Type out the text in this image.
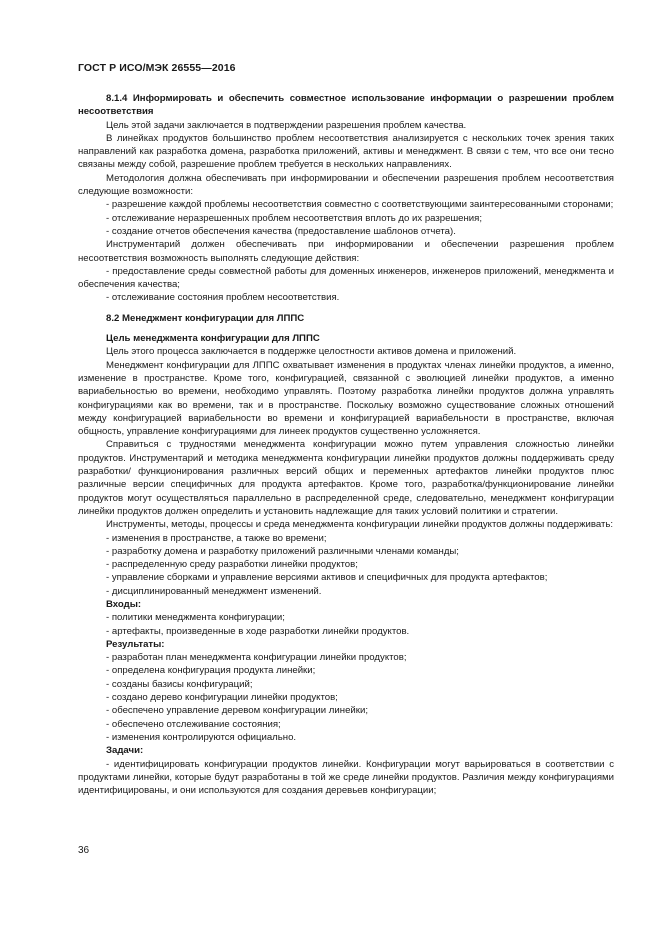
ГОСТ Р ИСО/МЭК 26555—2016

8.1.4 Информировать и обеспечить совместное использование информации о разрешении проблем несоответствия

Цель этой задачи заключается в подтверждении разрешения проблем качества.

В линейках продуктов большинство проблем несоответствия анализируется с нескольких точек зрения таких направлений как разработка домена, разработка приложений, активы и менеджмент. В связи с тем, что все они тесно связаны между собой, разрешение проблем требуется в нескольких направлениях.

Методология должна обеспечивать при информировании и обеспечении разрешения проблем несоответствия следующие возможности:

- разрешение каждой проблемы несоответствия совместно с соответствующими заинтересованными сторонами;

- отслеживание неразрешенных проблем несоответствия вплоть до их разрешения;

- создание отчетов обеспечения качества (предоставление шаблонов отчета).

Инструментарий должен обеспечивать при информировании и обеспечении разрешения проблем несоответствия возможность выполнять следующие действия:

- предоставление среды совместной работы для доменных инженеров, инженеров приложений, менеджмента и обеспечения качества;

- отслеживание состояния проблем несоответствия.

8.2 Менеджмент конфигурации для ЛППС

Цель менеджмента конфигурации для ЛППС

Цель этого процесса заключается в поддержке целостности активов домена и приложений.

Менеджмент конфигурации для ЛППС охватывает изменения в продуктах членах линейки продуктов, а именно, изменение в пространстве. Кроме того, конфигурацией, связанной с эволюцией линейки продуктов, а именно вариабельностью во времени, необходимо управлять. Поэтому разработка линейки продуктов должна управлять конфигурациями как во времени, так и в пространстве. Поскольку возможно существование сложных отношений между конфигурацией вариабельности во времени и конфигурацией вариабельности в пространстве, включая общность, управление конфигурациями для линеек продуктов существенно усложняется.

Справиться с трудностями менеджмента конфигурации можно путем управления сложностью линейки продуктов. Инструментарий и методика менеджмента конфигурации линейки продуктов должны поддерживать среду разработки/ функционирования различных версий общих и переменных артефактов линейки продуктов плюс различные версии специфичных для продукта артефактов. Кроме того, разработка/функционирование линейки продуктов могут осуществляться параллельно в распределенной среде, следовательно, менеджмент конфигурации линейки продуктов должен определить и установить надлежащие для таких условий политики и стратегии.

Инструменты, методы, процессы и среда менеджмента конфигурации линейки продуктов должны поддерживать:

- изменения в пространстве, а также во времени;

- разработку домена и разработку приложений различными членами команды;

- распределенную среду разработки линейки продуктов;

- управление сборками и управление версиями активов и специфичных для продукта артефактов;

- дисциплинированный менеджмент изменений.

Входы:

- политики менеджмента конфигурации;

- артефакты, произведенные в ходе разработки линейки продуктов.

Результаты:

- разработан план менеджмента конфигурации линейки продуктов;

- определена конфигурация продукта линейки;

- созданы базисы конфигураций;

- создано дерево конфигурации линейки продуктов;

- обеспечено управление деревом конфигурации линейки;

- обеспечено отслеживание состояния;

- изменения контролируются официально.

Задачи:

- идентифицировать конфигурации продуктов линейки. Конфигурации могут варьироваться в соответствии с продуктами линейки, которые будут разработаны в той же среде линейки продуктов. Различия между конфигурациями идентифицированы, и они используются для создания деревьев конфигурации;

36
